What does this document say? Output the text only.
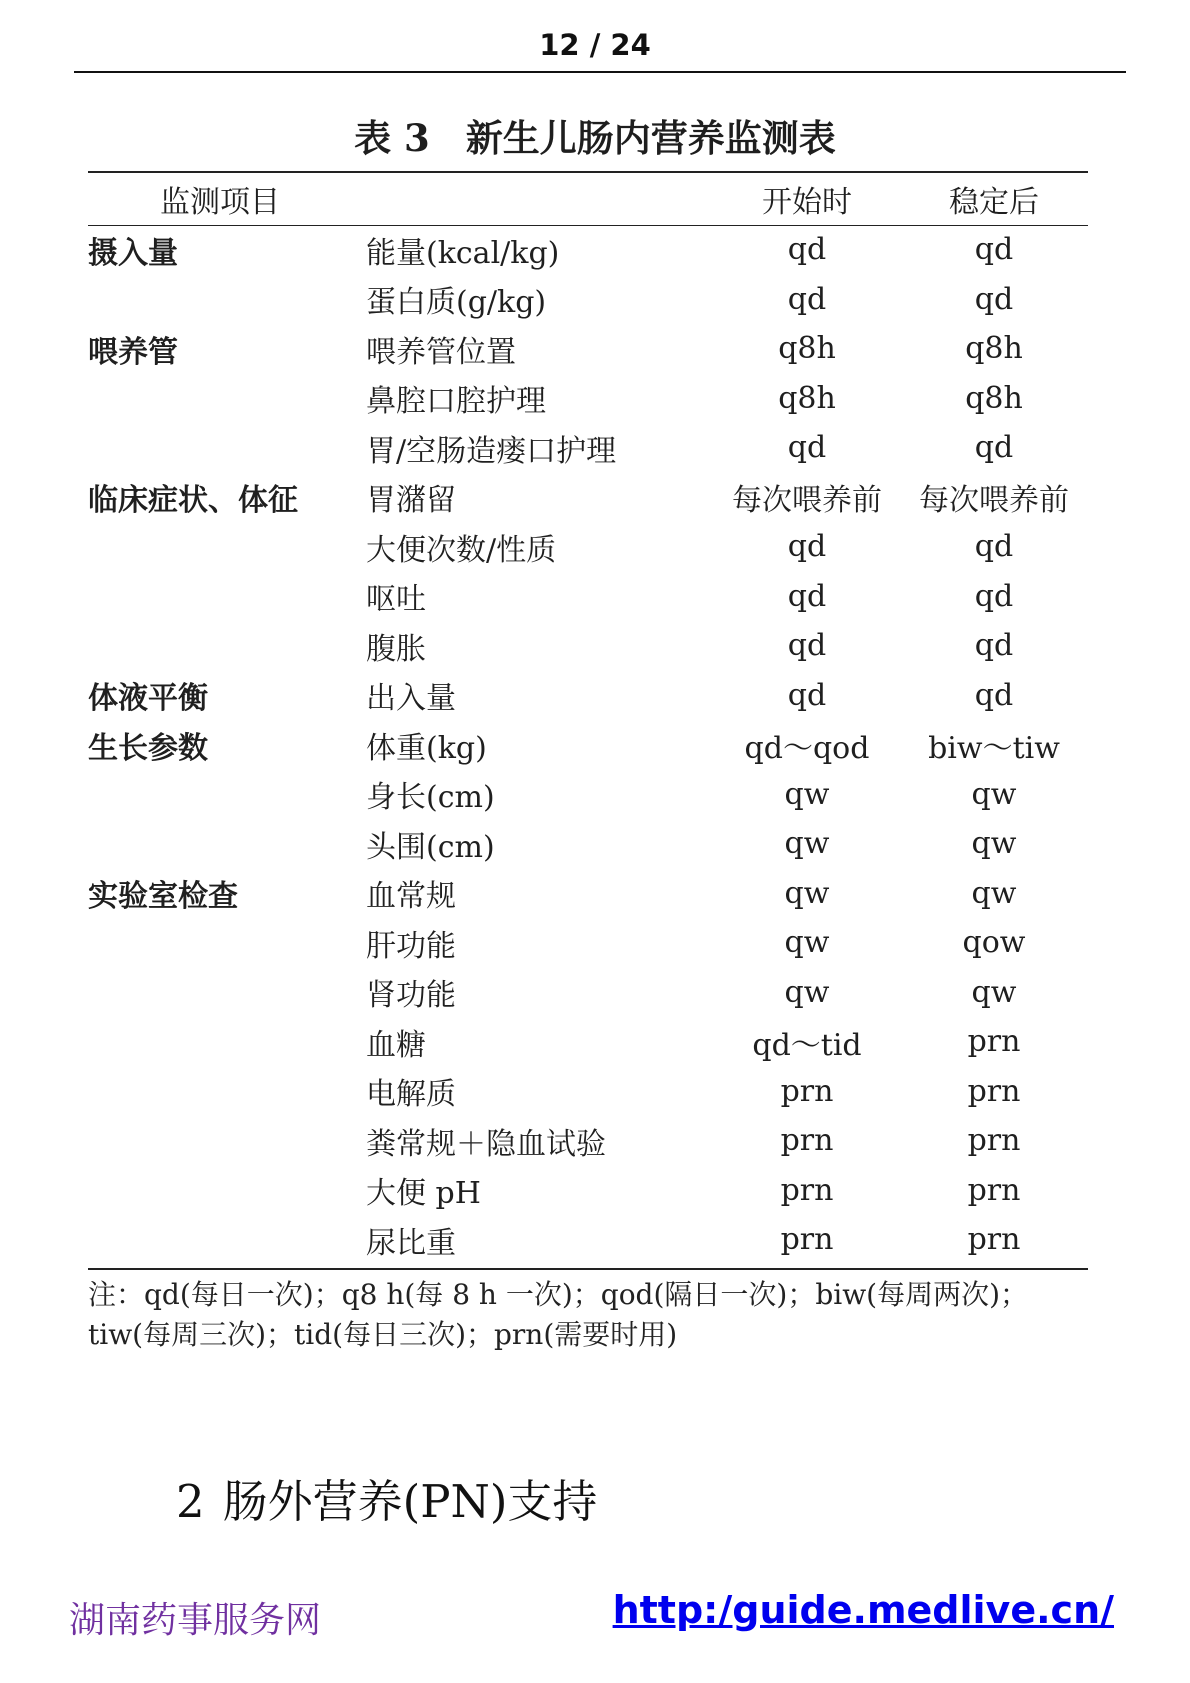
12 / 24
表 3 新生儿肠内营养监测表
监测项目		开始时	稳定后
摄入量	能量(kcal/kg)	qd	qd
	蛋白质(g/kg)	qd	qd
喂养管	喂养管位置	q8h	q8h
	鼻腔口腔护理	q8h	q8h
	胃/空肠造瘘口护理	qd	qd
临床症状、体征	胃潴留	每次喂养前	每次喂养前
	大便次数/性质	qd	qd
	呕吐	qd	qd
	腹胀	qd	qd
体液平衡	出入量	qd	qd
生长参数	体重(kg)	qd～qod	biw～tiw
	身长(cm)	qw	qw
	头围(cm)	qw	qw
实验室检查	血常规	qw	qw
	肝功能	qw	qow
	肾功能	qw	qw
	血糖	qd～tid	prn
	电解质	prn	prn
	粪常规＋隐血试验	prn	prn
	大便 pH	prn	prn
	尿比重	prn	prn
注：qd(每日一次)；q8 h(每 8 h 一次)；qod(隔日一次)；biw(每周两次)；tiw(每周三次)；tid(每日三次)；prn(需要时用)
2 肠外营养(PN)支持
湖南药事服务网	http:/guide.medlive.cn/
